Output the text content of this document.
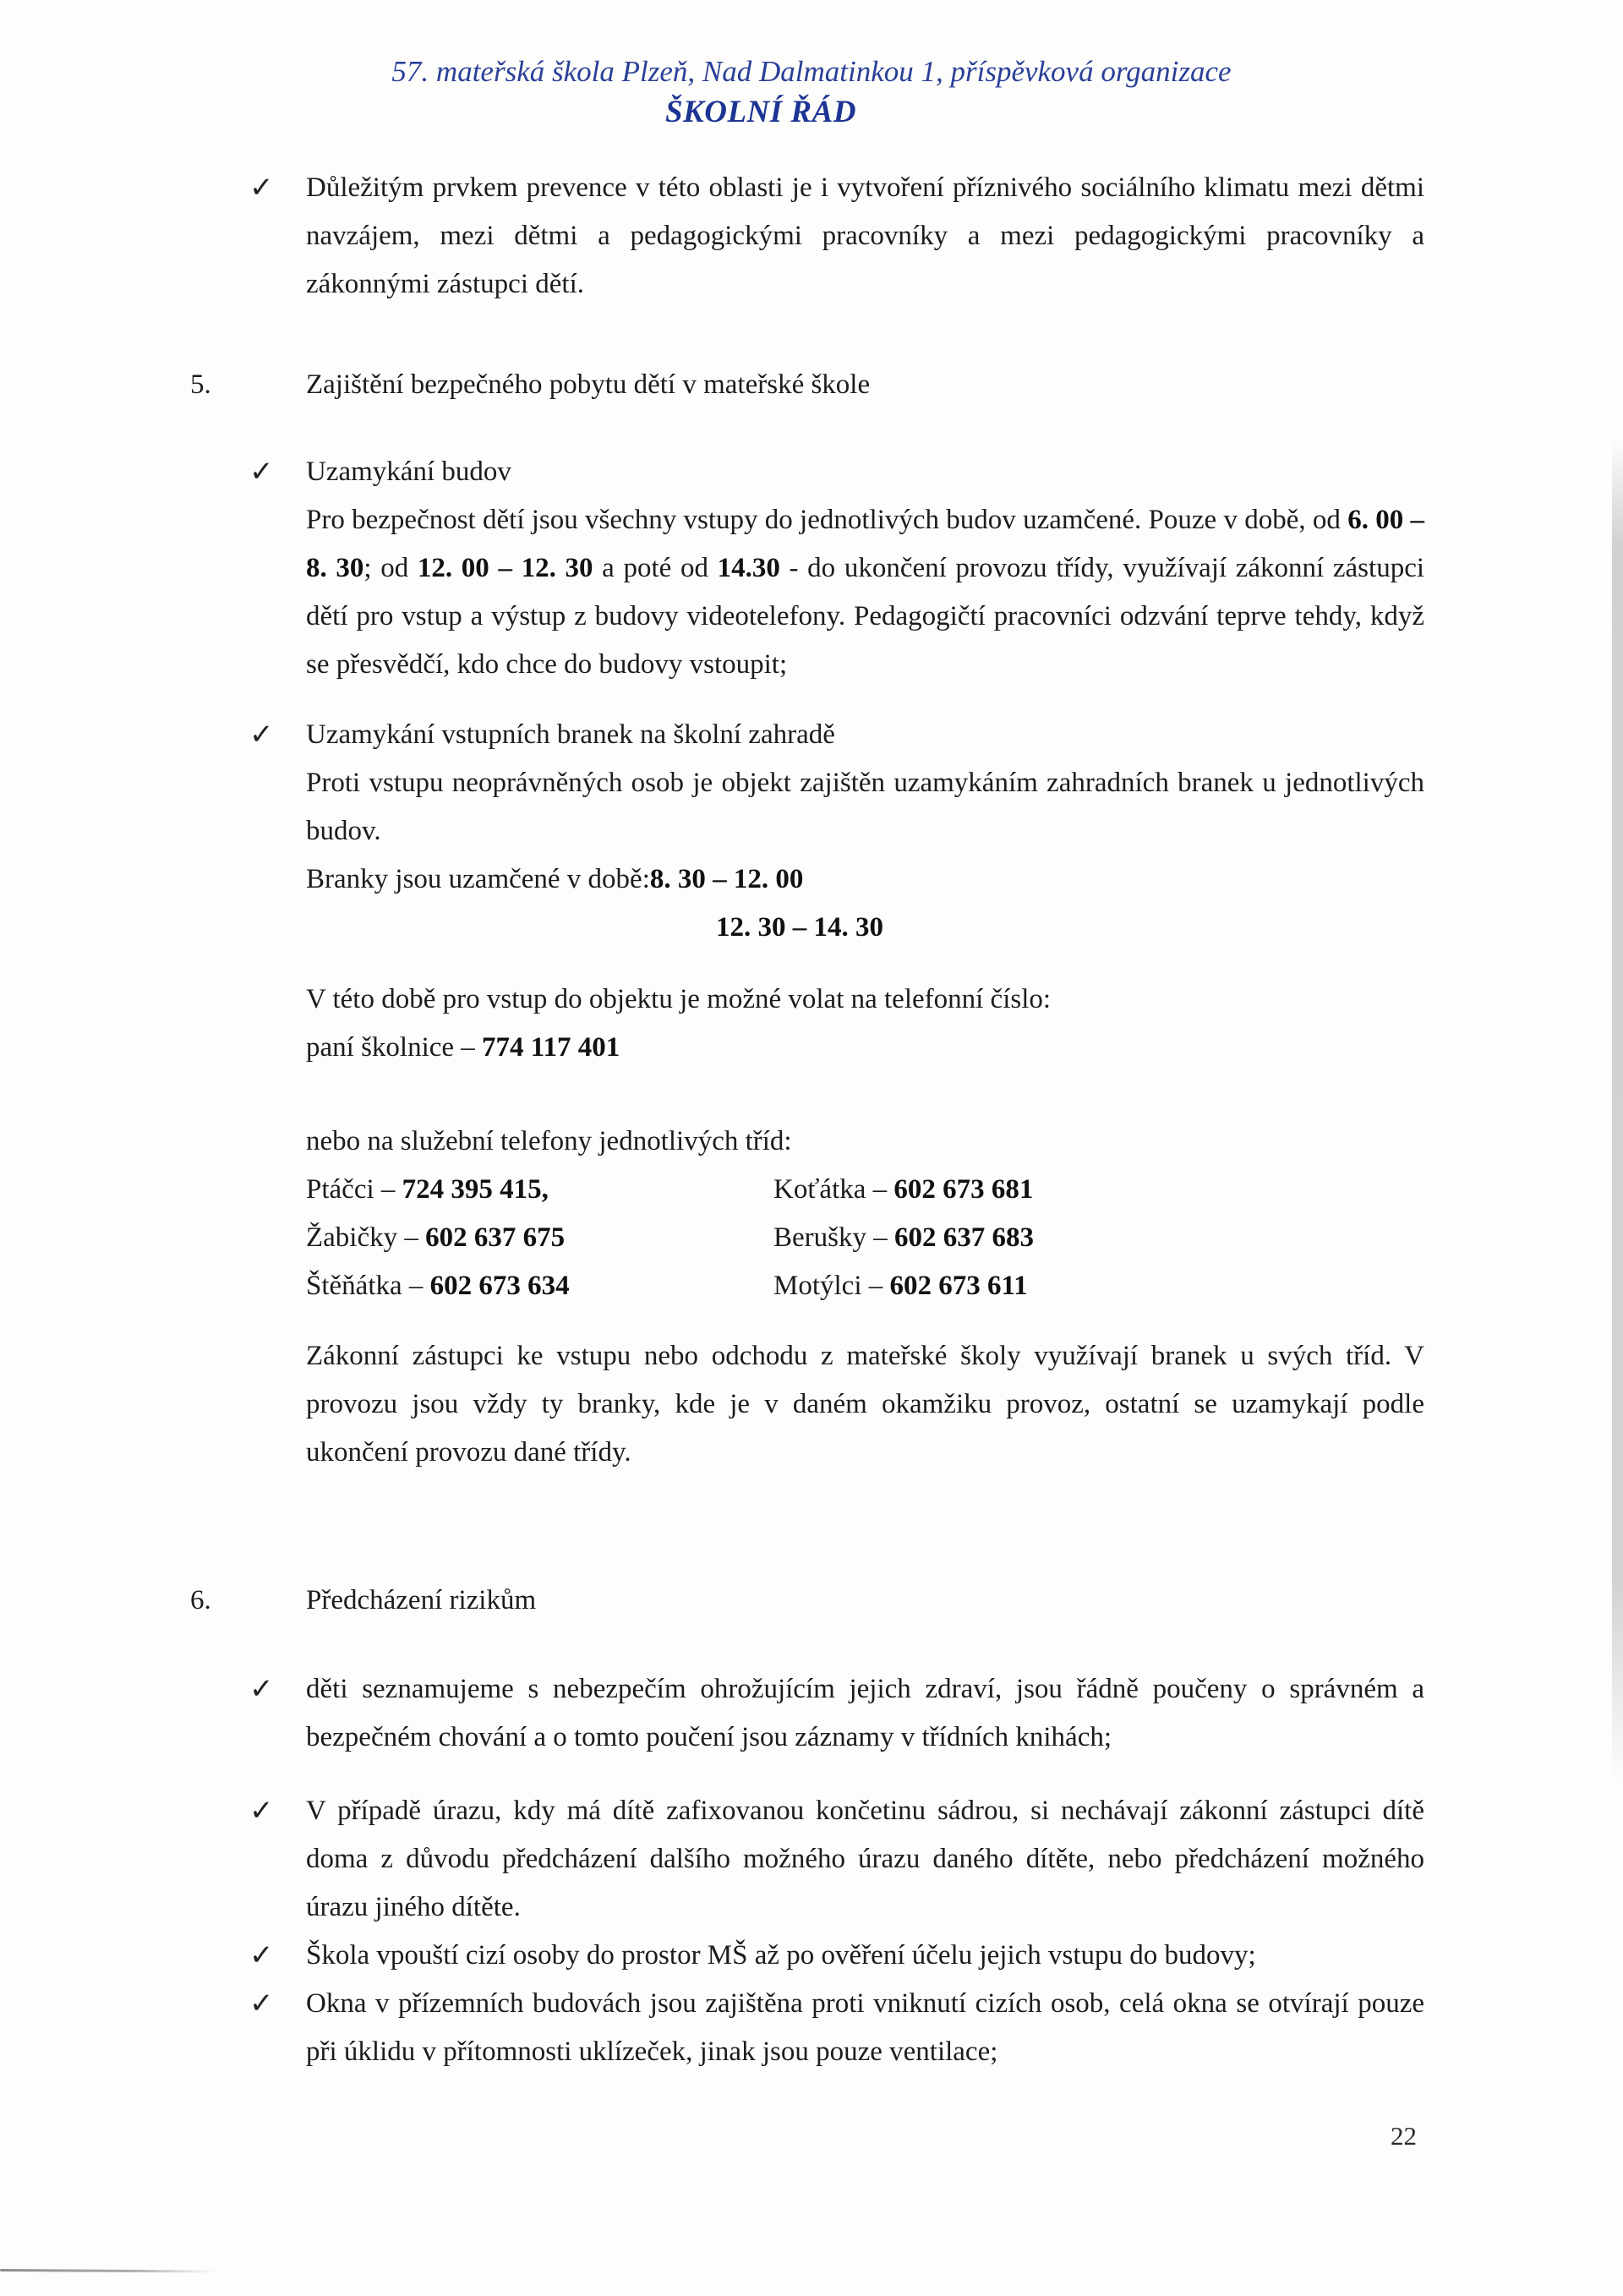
57. mateřská škola Plzeň, Nad Dalmatinkou 1, příspěvková organizace
ŠKOLNÍ ŘÁD
✓	Důležitým prvkem prevence v této oblasti je i vytvoření příznivého sociálního klimatu mezi dětmi navzájem, mezi dětmi a pedagogickými pracovníky a mezi pedagogickými pracovníky a zákonnými zástupci dětí.
5.	Zajištění bezpečného pobytu dětí v mateřské škole
✓	Uzamykání budov
Pro bezpečnost dětí jsou všechny vstupy do jednotlivých budov uzamčené. Pouze v době, od 6. 00 – 8. 30; od 12. 00 – 12. 30 a poté od 14.30 - do ukončení provozu třídy, využívají zákonní zástupci dětí pro vstup a výstup z budovy videotelefony. Pedagogičtí pracovníci odzvání teprve tehdy, když se přesvědčí, kdo chce do budovy vstoupit;
✓	Uzamykání vstupních branek na školní zahradě
Proti vstupu neoprávněných osob je objekt zajištěn uzamykáním zahradních branek u jednotlivých budov.
Branky jsou uzamčené v době:8. 30 – 12. 00
12. 30 – 14. 30
V této době pro vstup do objektu je možné volat na telefonní číslo:
paní školnice – 774 117 401
nebo na služební telefony jednotlivých tříd:
Ptáčci – 724 395 415,	Koťátka – 602 673 681
Žabičky – 602 637 675	Berušky – 602 637 683
Štěňátka – 602 673 634	Motýlci – 602 673 611
Zákonní zástupci ke vstupu nebo odchodu z mateřské školy využívají branek u svých tříd. V provozu jsou vždy ty branky, kde je v daném okamžiku provoz, ostatní se uzamykají podle ukončení provozu dané třídy.
6.	Předcházení rizikům
✓	děti seznamujeme s nebezpečím ohrožujícím jejich zdraví, jsou řádně poučeny o správném a bezpečném chování a o tomto poučení jsou záznamy v třídních knihách;
✓	V případě úrazu, kdy má dítě zafixovanou končetinu sádrou, si nechávají zákonní zástupci dítě doma z důvodu předcházení dalšího možného úrazu daného dítěte, nebo předcházení možného úrazu jiného dítěte.
✓	Škola vpouští cizí osoby do prostor MŠ až po ověření účelu jejich vstupu do budovy;
✓	Okna v přízemních budovách jsou zajištěna proti vniknutí cizích osob, celá okna se otvírají pouze při úklidu v přítomnosti uklízeček, jinak jsou pouze ventilace;
22
